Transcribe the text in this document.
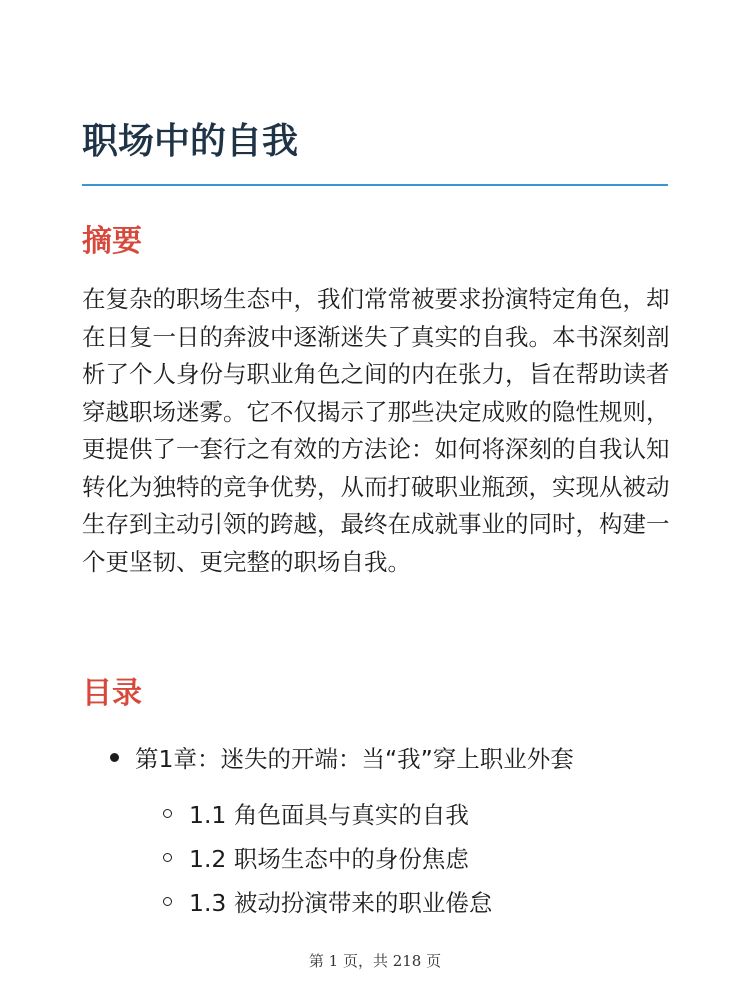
职场中的自我
摘要

在复杂的职场生态中，我们常常被要求扮演特定角色，却在日复一日的奔波中逐渐迷失了真实的自我。本书深刻剖析了个人身份与职业角色之间的内在张力，旨在帮助读者穿越职场迷雾。它不仅揭示了那些决定成败的隐性规则，更提供了一套行之有效的方法论：如何将深刻的自我认知转化为独特的竞争优势，从而打破职业瓶颈，实现从被动生存到主动引领的跨越，最终在成就事业的同时，构建一个更坚韧、更完整的职场自我。

目录
第1章：迷失的开端：当“我”穿上职业外套
1.1 角色面具与真实的自我
1.2 职场生态中的身份焦虑
1.3 被动扮演带来的职业倦怠
第 1 页，共 218 页
